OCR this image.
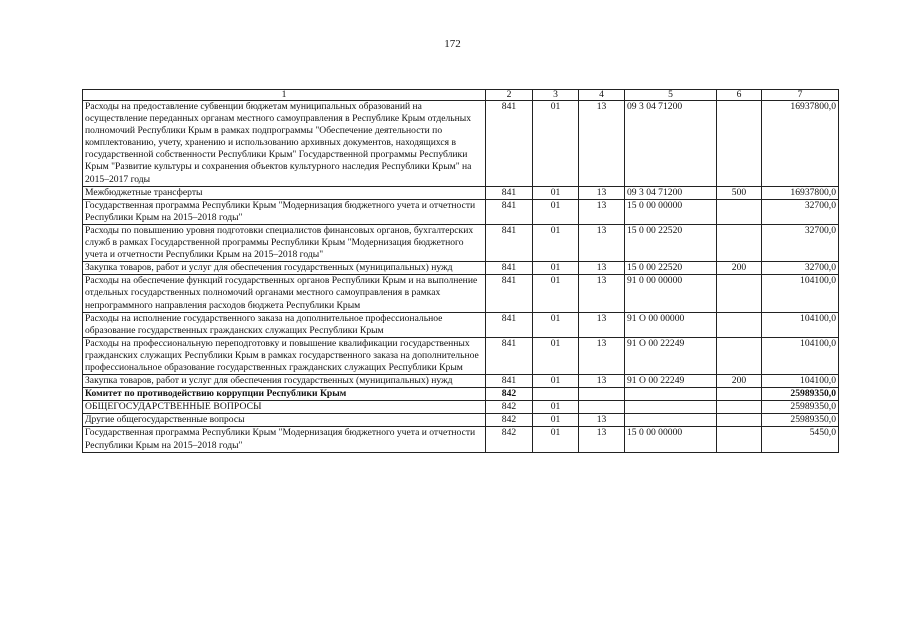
172
1	2	3	4	5	6	7
Расходы на предоставление субвенции бюджетам муниципальных образований на осуществление переданных органам местного самоуправления в Республике Крым отдельных полномочий Республики Крым в рамках подпрограммы "Обеспечение деятельности по комплектованию, учету, хранению и использованию архивных документов, находящихся в государственной собственности Республики Крым" Государственной программы Республики Крым "Развитие культуры и сохранения объектов культурного наследия Республики Крым" на 2015–2017 годы	841	01	13	09 3 04 71200		16937800,0
Межбюджетные трансферты	841	01	13	09 3 04 71200	500	16937800,0
Государственная программа Республики Крым "Модернизация бюджетного учета и отчетности Республики Крым на 2015–2018 годы"	841	01	13	15 0 00 00000		32700,0
Расходы по повышению уровня подготовки специалистов финансовых органов, бухгалтерских служб в рамках Государственной программы Республики Крым "Модернизация бюджетного учета и отчетности Республики Крым на 2015–2018 годы"	841	01	13	15 0 00 22520		32700,0
Закупка товаров, работ и услуг для обеспечения государственных (муниципальных) нужд	841	01	13	15 0 00 22520	200	32700,0
Расходы на обеспечение функций государственных органов Республики Крым и на выполнение отдельных государственных полномочий органами местного самоуправления в рамках непрограммного направления расходов бюджета Республики Крым	841	01	13	91 0 00 00000		104100,0
Расходы на исполнение государственного заказа на дополнительное профессиональное образование государственных гражданских служащих Республики Крым	841	01	13	91 О 00 00000		104100,0
Расходы на профессиональную переподготовку и повышение квалификации государственных гражданских служащих Республики Крым в рамках государственного заказа на дополнительное профессиональное образование государственных гражданских служащих Республики Крым	841	01	13	91 О 00 22249		104100,0
Закупка товаров, работ и услуг для обеспечения государственных (муниципальных) нужд	841	01	13	91 О 00 22249	200	104100,0
Комитет по противодействию коррупции Республики Крым	842					25989350,0
ОБЩЕГОСУДАРСТВЕННЫЕ ВОПРОСЫ	842	01				25989350,0
Другие общегосударственные вопросы	842	01	13			25989350,0
Государственная программа Республики Крым "Модернизация бюджетного учета и отчетности Республики Крым на 2015–2018 годы"	842	01	13	15 0 00 00000		5450,0
